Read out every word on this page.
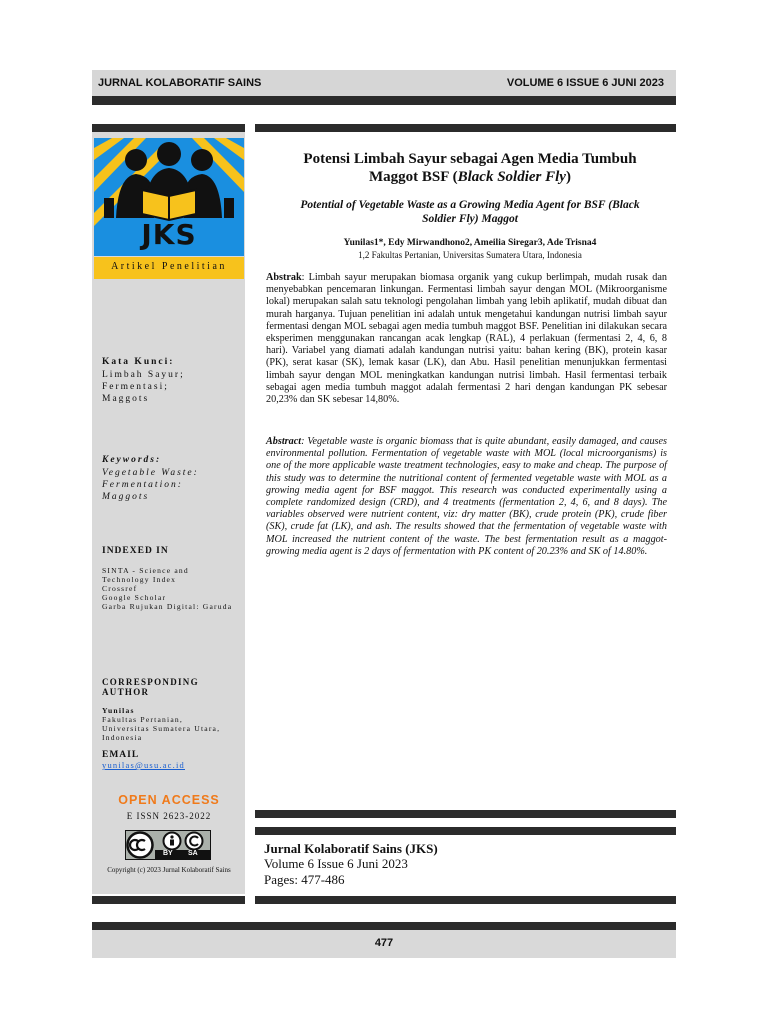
JURNAL KOLABORATIF SAINS	VOLUME 6 ISSUE 6 JUNI 2023
JKS
Artikel Penelitian
Kata Kunci:
Limbah Sayur;
Fermentasi;
Maggots
Keywords:
Vegetable Waste:
Fermentation:
Maggots
INDEXED IN
SINTA - Science and
Technology Index
Crossref
Google Scholar
Garba Rujukan Digital: Garuda
CORRESPONDING
AUTHOR
Yunilas
Fakultas Pertanian,
Universitas Sumatera Utara,
Indonesia
EMAIL
yunilas@usu.ac.id
OPEN ACCESS
E ISSN 2623-2022
BY SA
Copyright (c) 2023 Jurnal Kolaboratif Sains
Potensi Limbah Sayur sebagai Agen Media Tumbuh
Maggot BSF (Black Soldier Fly)
Potential of Vegetable Waste as a Growing Media Agent for BSF (Black
Soldier Fly) Maggot
Yunilas1*, Edy Mirwandhono2, Ameilia Siregar3, Ade Trisna4
1,2 Fakultas Pertanian, Universitas Sumatera Utara, Indonesia
Abstrak: Limbah sayur merupakan biomasa organik yang cukup berlimpah, mudah rusak dan menyebabkan pencemaran linkungan. Fermentasi limbah sayur dengan MOL (Mikroorganisme lokal) merupakan salah satu teknologi pengolahan limbah yang lebih aplikatif, mudah dibuat dan murah harganya. Tujuan penelitian ini adalah untuk mengetahui kandungan nutrisi limbah sayur fermentasi dengan MOL sebagai agen media tumbuh maggot BSF. Penelitian ini dilakukan secara eksperimen menggunakan rancangan acak lengkap (RAL), 4 perlakuan (fermentasi 2, 4, 6, 8 hari). Variabel yang diamati adalah kandungan nutrisi yaitu: bahan kering (BK), protein kasar (PK), serat kasar (SK), lemak kasar (LK), dan Abu. Hasil penelitian menunjukkan fermentasi limbah sayur dengan MOL meningkatkan kandungan nutrisi limbah. Hasil fermentasi terbaik sebagai agen media tumbuh maggot adalah fermentasi 2 hari dengan kandungan PK sebesar 20,23% dan SK sebesar 14,80%.
Abstract: Vegetable waste is organic biomass that is quite abundant, easily damaged, and causes environmental pollution. Fermentation of vegetable waste with MOL (local microorganisms) is one of the more applicable waste treatment technologies, easy to make and cheap. The purpose of this study was to determine the nutritional content of fermented vegetable waste with MOL as a growing media agent for BSF maggot. This research was conducted experimentally using a complete randomized design (CRD), and 4 treatments (fermentation 2, 4, 6, and 8 days). The variables observed were nutrient content, viz: dry matter (BK), crude protein (PK), crude fiber (SK), crude fat (LK), and ash. The results showed that the fermentation of vegetable waste with MOL increased the nutrient content of the waste. The best fermentation result as a maggot-growing media agent is 2 days of fermentation with PK content of 20.23% and SK of 14.80%.
Jurnal Kolaboratif Sains (JKS)
Volume 6 Issue 6 Juni 2023
Pages: 477-486
477
